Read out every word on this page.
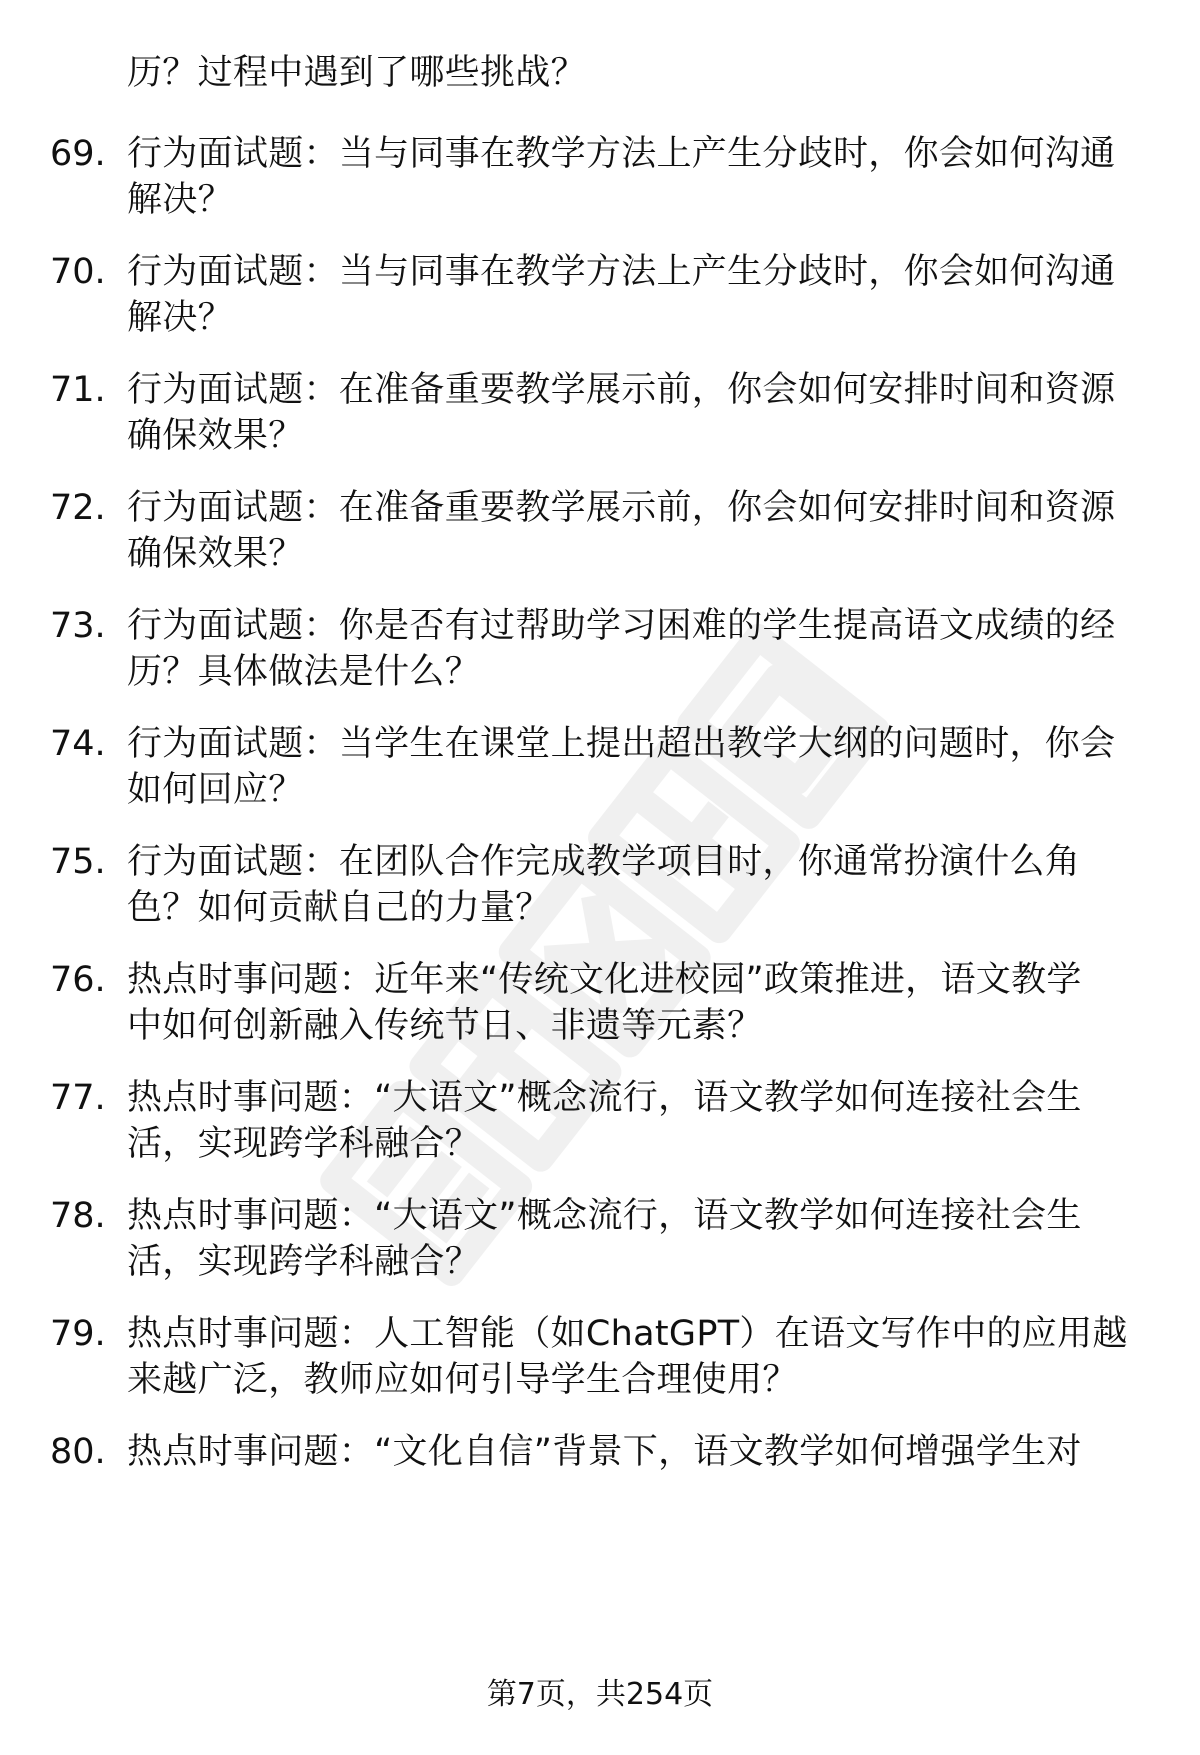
历？过程中遇到了哪些挑战？
69. 行为面试题：当与同事在教学方法上产生分歧时，你会如何沟通
解决？
70. 行为面试题：当与同事在教学方法上产生分歧时，你会如何沟通
解决？
71. 行为面试题：在准备重要教学展示前，你会如何安排时间和资源
确保效果？
72. 行为面试题：在准备重要教学展示前，你会如何安排时间和资源
确保效果？
73. 行为面试题：你是否有过帮助学习困难的学生提高语文成绩的经
历？具体做法是什么？
74. 行为面试题：当学生在课堂上提出超出教学大纲的问题时，你会
如何回应？
75. 行为面试题：在团队合作完成教学项目时，你通常扮演什么角
色？如何贡献自己的力量？
76. 热点时事问题：近年来“传统文化进校园”政策推进，语文教学
中如何创新融入传统节日、非遗等元素？
77. 热点时事问题：“大语文”概念流行，语文教学如何连接社会生
活，实现跨学科融合？
78. 热点时事问题：“大语文”概念流行，语文教学如何连接社会生
活，实现跨学科融合？
79. 热点时事问题：人工智能（如ChatGPT）在语文写作中的应用越
来越广泛，教师应如何引导学生合理使用？
80. 热点时事问题：“文化自信”背景下，语文教学如何增强学生对
第7页，共254页
